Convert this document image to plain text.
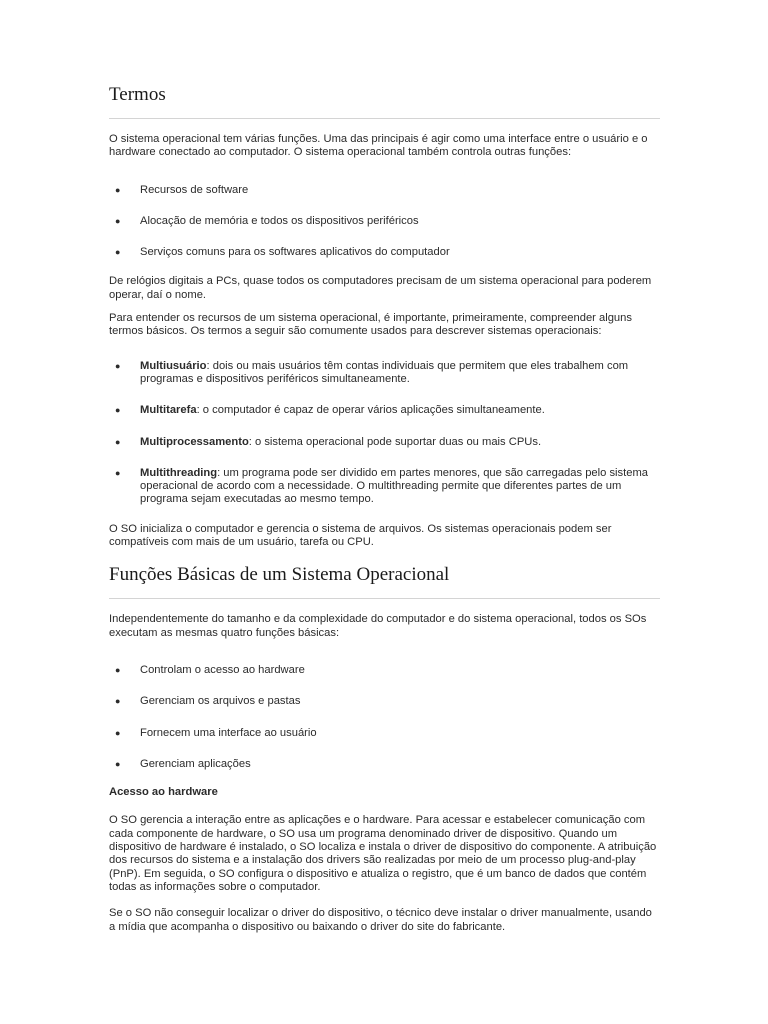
Termos

O sistema operacional tem várias funções. Uma das principais é agir como uma interface entre o usuário e o hardware conectado ao computador. O sistema operacional também controla outras funções:

● Recursos de software
● Alocação de memória e todos os dispositivos periféricos
● Serviços comuns para os softwares aplicativos do computador

De relógios digitais a PCs, quase todos os computadores precisam de um sistema operacional para poderem operar, daí o nome.

Para entender os recursos de um sistema operacional, é importante, primeiramente, compreender alguns termos básicos. Os termos a seguir são comumente usados para descrever sistemas operacionais:

● Multiusuário: dois ou mais usuários têm contas individuais que permitem que eles trabalhem com programas e dispositivos periféricos simultaneamente.
● Multitarefa: o computador é capaz de operar vários aplicações simultaneamente.
● Multiprocessamento: o sistema operacional pode suportar duas ou mais CPUs.
● Multithreading: um programa pode ser dividido em partes menores, que são carregadas pelo sistema operacional de acordo com a necessidade. O multithreading permite que diferentes partes de um programa sejam executadas ao mesmo tempo.

O SO inicializa o computador e gerencia o sistema de arquivos. Os sistemas operacionais podem ser compatíveis com mais de um usuário, tarefa ou CPU.

Funções Básicas de um Sistema Operacional

Independentemente do tamanho e da complexidade do computador e do sistema operacional, todos os SOs executam as mesmas quatro funções básicas:

● Controlam o acesso ao hardware
● Gerenciam os arquivos e pastas
● Fornecem uma interface ao usuário
● Gerenciam aplicações
Acesso ao hardware

O SO gerencia a interação entre as aplicações e o hardware. Para acessar e estabelecer comunicação com cada componente de hardware, o SO usa um programa denominado driver de dispositivo. Quando um dispositivo de hardware é instalado, o SO localiza e instala o driver de dispositivo do componente. A atribuição dos recursos do sistema e a instalação dos drivers são realizadas por meio de um processo plug-and-play (PnP). Em seguida, o SO configura o dispositivo e atualiza o registro, que é um banco de dados que contém todas as informações sobre o computador.

Se o SO não conseguir localizar o driver do dispositivo, o técnico deve instalar o driver manualmente, usando a mídia que acompanha o dispositivo ou baixando o driver do site do fabricante.
